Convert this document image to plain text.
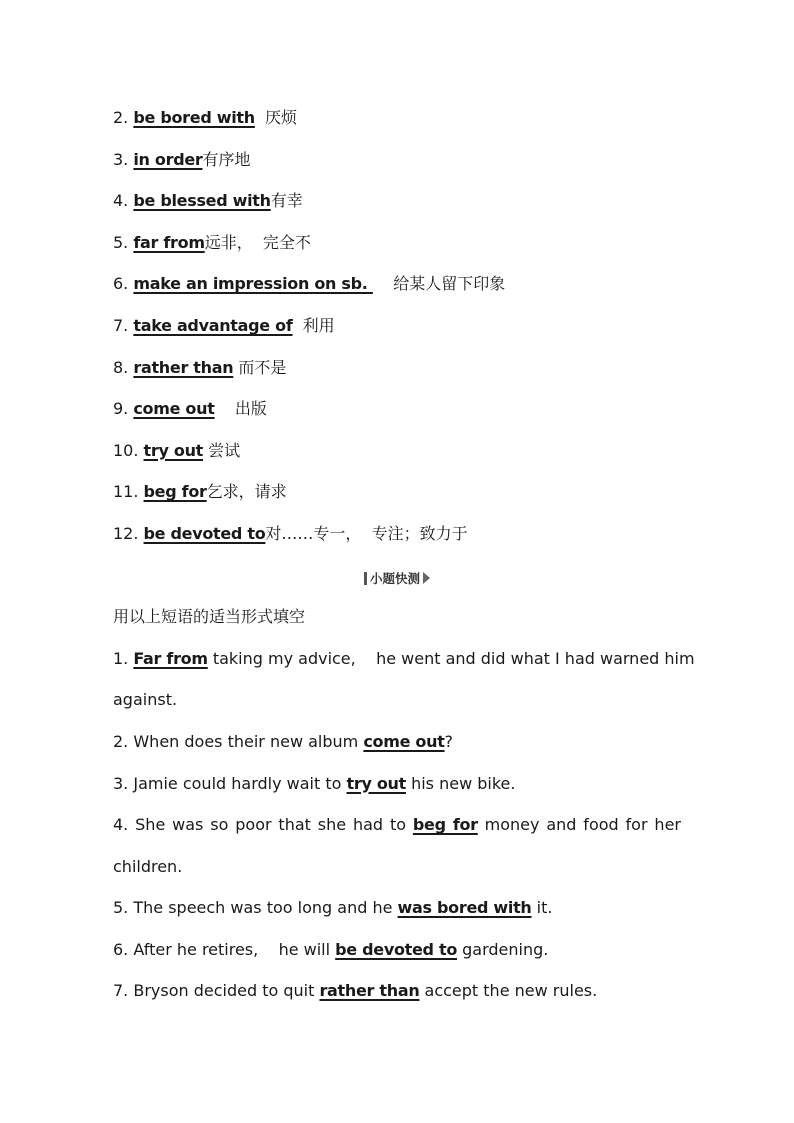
2. be bored with  厌烦
3. in order有序地
4. be blessed with有幸
5. far from远非，  完全不
6. make an impression on sb.     给某人留下印象
7. take advantage of  利用
8. rather than 而不是
9. come out    出版
10. try out 尝试
11. beg for乞求，请求
12. be devoted to对……专一，  专注；致力于
小题快测
用以上短语的适当形式填空
1. Far from taking my advice,    he went and did what I had warned him
against.
2. When does their new album come out?
3. Jamie could hardly wait to try out his new bike.
4. She was so poor that she had to beg for money and food for her
children.
5. The speech was too long and he was bored with it.
6. After he retires,    he will be devoted to gardening.
7. Bryson decided to quit rather than accept the new rules.
